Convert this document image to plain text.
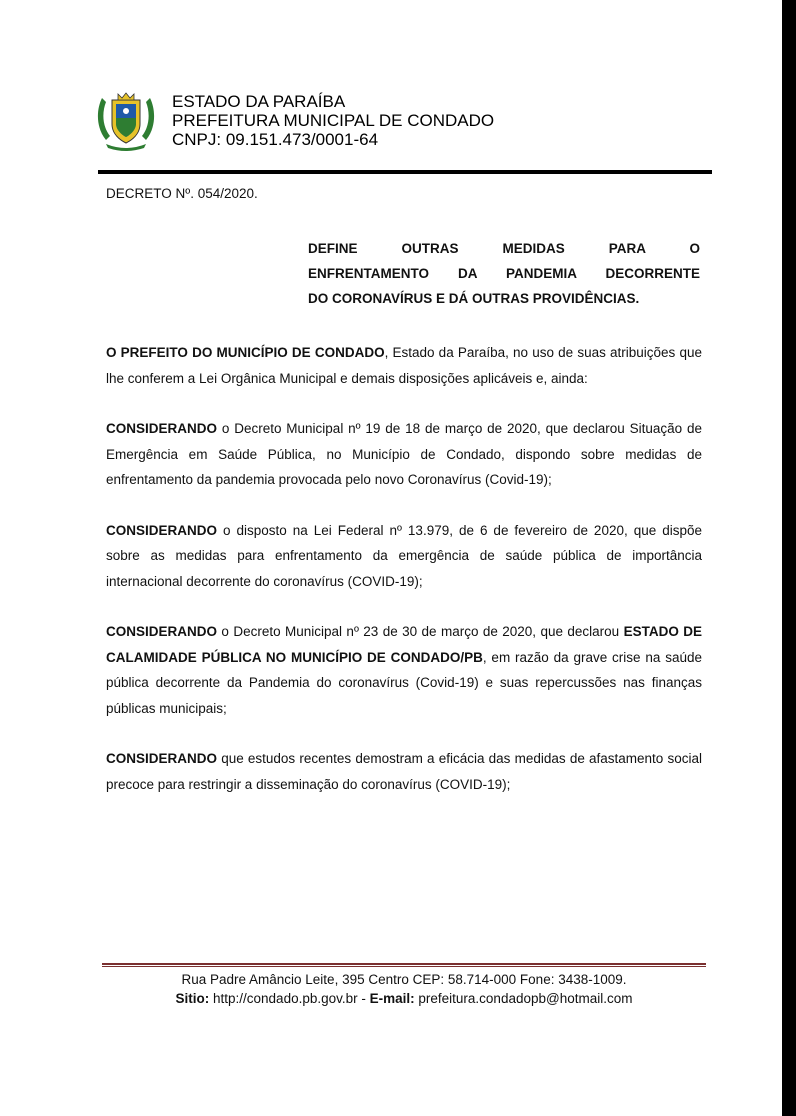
ESTADO DA PARAÍBA
PREFEITURA MUNICIPAL DE CONDADO
CNPJ: 09.151.473/0001-64
DECRETO Nº. 054/2020.
DEFINE OUTRAS MEDIDAS PARA O
ENFRENTAMENTO DA PANDEMIA DECORRENTE
DO CORONAVÍRUS E DÁ OUTRAS PROVIDÊNCIAS.

O PREFEITO DO MUNICÍPIO DE CONDADO, Estado da Paraíba, no uso de suas atribuições que lhe conferem a Lei Orgânica Municipal e demais disposições aplicáveis e, ainda:

CONSIDERANDO o Decreto Municipal nº 19 de 18 de março de 2020, que declarou Situação de Emergência em Saúde Pública, no Município de Condado, dispondo sobre medidas de enfrentamento da pandemia provocada pelo novo Coronavírus (Covid-19);

CONSIDERANDO o disposto na Lei Federal nº 13.979, de 6 de fevereiro de 2020, que dispõe sobre as medidas para enfrentamento da emergência de saúde pública de importância internacional decorrente do coronavírus (COVID-19);

CONSIDERANDO o Decreto Municipal nº 23 de 30 de março de 2020, que declarou ESTADO DE CALAMIDADE PÚBLICA NO MUNICÍPIO DE CONDADO/PB, em razão da grave crise na saúde pública decorrente da Pandemia do coronavírus (Covid-19) e suas repercussões nas finanças públicas municipais;

CONSIDERANDO que estudos recentes demostram a eficácia das medidas de afastamento social precoce para restringir a disseminação do coronavírus (COVID-19);

Rua Padre Amâncio Leite, 395 Centro CEP: 58.714-000 Fone: 3438-1009.
Sitio: http://condado.pb.gov.br - E-mail: prefeitura.condadopb@hotmail.com
